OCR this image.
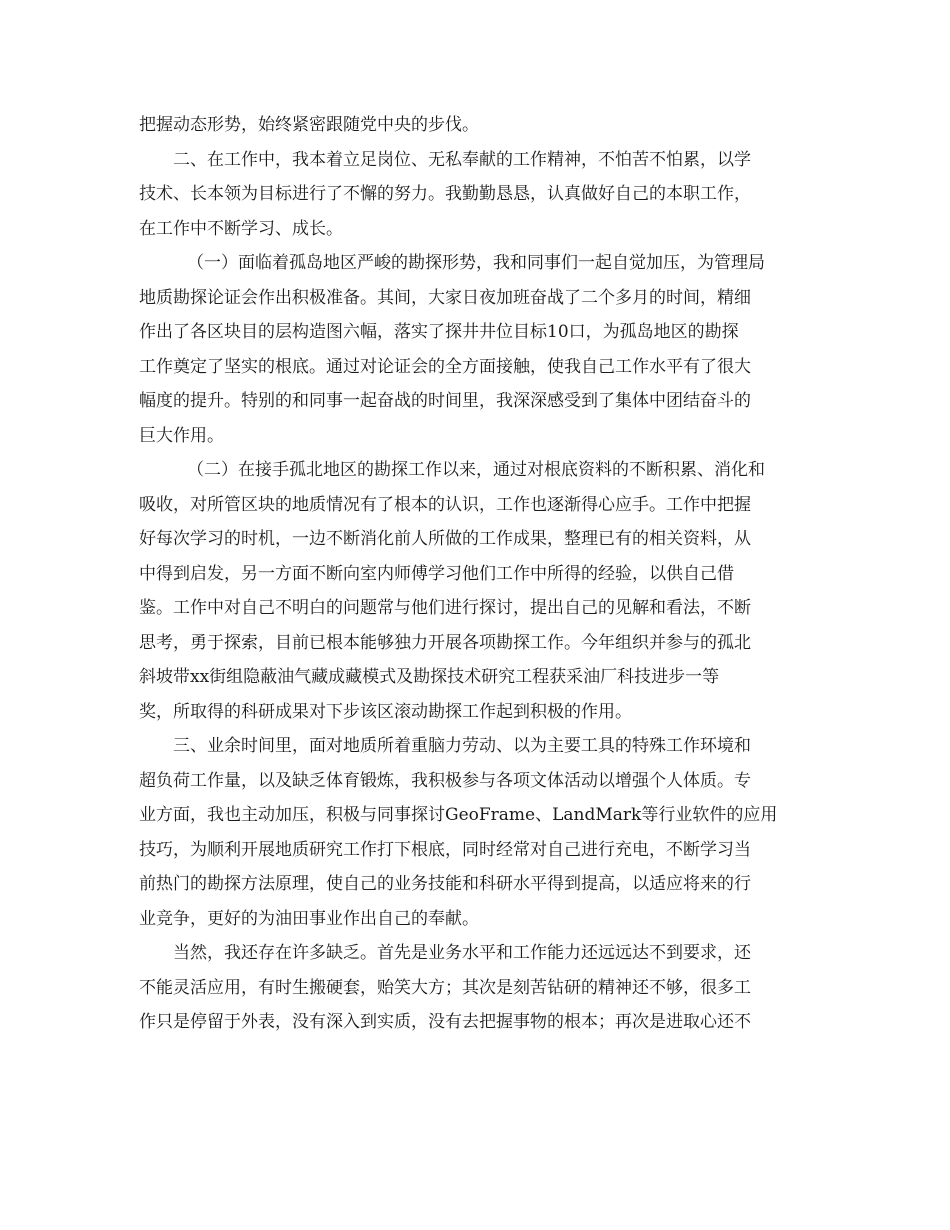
把握动态形势，始终紧密跟随党中央的步伐。
二、在工作中，我本着立足岗位、无私奉献的工作精神，不怕苦不怕累，以学
技术、长本领为目标进行了不懈的努力。我勤勤恳恳，认真做好自己的本职工作，
在工作中不断学习、成长。
（一）面临着孤岛地区严峻的勘探形势，我和同事们一起自觉加压，为管理局
地质勘探论证会作出积极准备。其间，大家日夜加班奋战了二个多月的时间，精细
作出了各区块目的层构造图六幅，落实了探井井位目标10口，为孤岛地区的勘探
工作奠定了坚实的根底。通过对论证会的全方面接触，使我自己工作水平有了很大
幅度的提升。特别的和同事一起奋战的时间里，我深深感受到了集体中团结奋斗的
巨大作用。
（二）在接手孤北地区的勘探工作以来，通过对根底资料的不断积累、消化和
吸收，对所管区块的地质情况有了根本的认识，工作也逐渐得心应手。工作中把握
好每次学习的时机，一边不断消化前人所做的工作成果，整理已有的相关资料，从
中得到启发，另一方面不断向室内师傅学习他们工作中所得的经验，以供自己借
鉴。工作中对自己不明白的问题常与他们进行探讨，提出自己的见解和看法，不断
思考，勇于探索，目前已根本能够独力开展各项勘探工作。今年组织并参与的孤北
斜坡带xx街组隐蔽油气藏成藏模式及勘探技术研究工程获采油厂科技进步一等
奖，所取得的科研成果对下步该区滚动勘探工作起到积极的作用。
三、业余时间里，面对地质所着重脑力劳动、以为主要工具的特殊工作环境和
超负荷工作量，以及缺乏体育锻炼，我积极参与各项文体活动以增强个人体质。专
业方面，我也主动加压，积极与同事探讨GeoFrame、LandMark等行业软件的应用
技巧，为顺利开展地质研究工作打下根底，同时经常对自己进行充电，不断学习当
前热门的勘探方法原理，使自己的业务技能和科研水平得到提高，以适应将来的行
业竞争，更好的为油田事业作出自己的奉献。
当然，我还存在许多缺乏。首先是业务水平和工作能力还远远达不到要求，还
不能灵活应用，有时生搬硬套，贻笑大方；其次是刻苦钻研的精神还不够，很多工
作只是停留于外表，没有深入到实质，没有去把握事物的根本；再次是进取心还不
